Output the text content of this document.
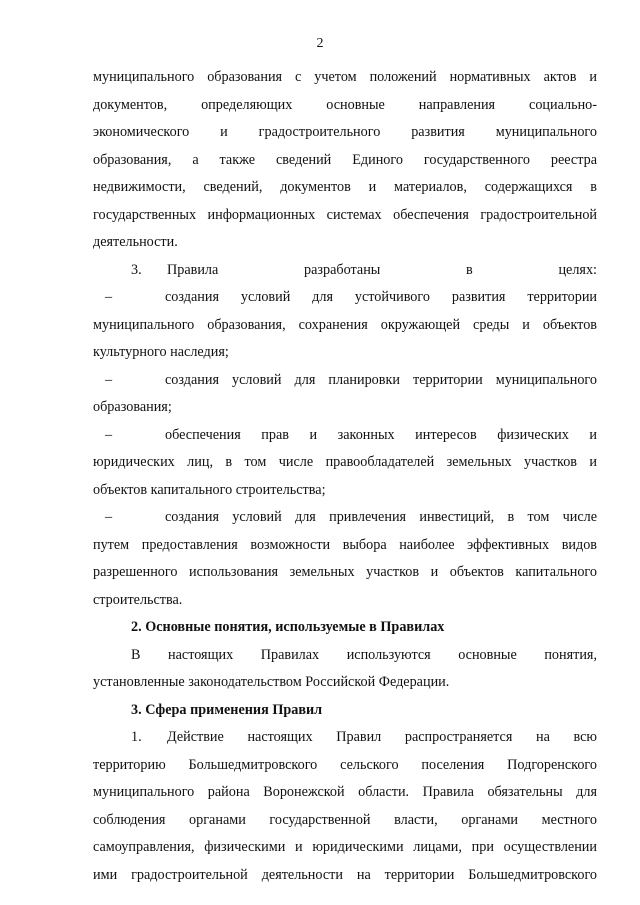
2
муниципального образования с учетом положений нормативных актов и
документов, определяющих основные направления социально-
экономического и градостроительного развития муниципального
образования, а также сведений Единого государственного реестра
недвижимости, сведений, документов и материалов, содержащихся в
государственных информационных системах обеспечения градостроительной
деятельности.
3. Правила разработаны в целях:
–	создания условий для устойчивого развития территории
муниципального образования, сохранения окружающей среды и объектов
культурного наследия;
–	создания условий для планировки территории муниципального
образования;
–	обеспечения прав и законных интересов физических и
юридических лиц, в том числе правообладателей земельных участков и
объектов капитального строительства;
–	создания условий для привлечения инвестиций, в том числе
путем предоставления возможности выбора наиболее эффективных видов
разрешенного использования земельных участков и объектов капитального
строительства.
2. Основные понятия, используемые в Правилах
В настоящих Правилах используются основные понятия,
установленные законодательством Российской Федерации.
3. Сфера применения Правил
1. Действие настоящих Правил распространяется на всю
территорию Большедмитровского сельского поселения Подгоренского
муниципального района Воронежской области. Правила обязательны для
соблюдения органами государственной власти, органами местного
самоуправления, физическими и юридическими лицами, при осуществлении
ими градостроительной деятельности на территории Большедмитровского
